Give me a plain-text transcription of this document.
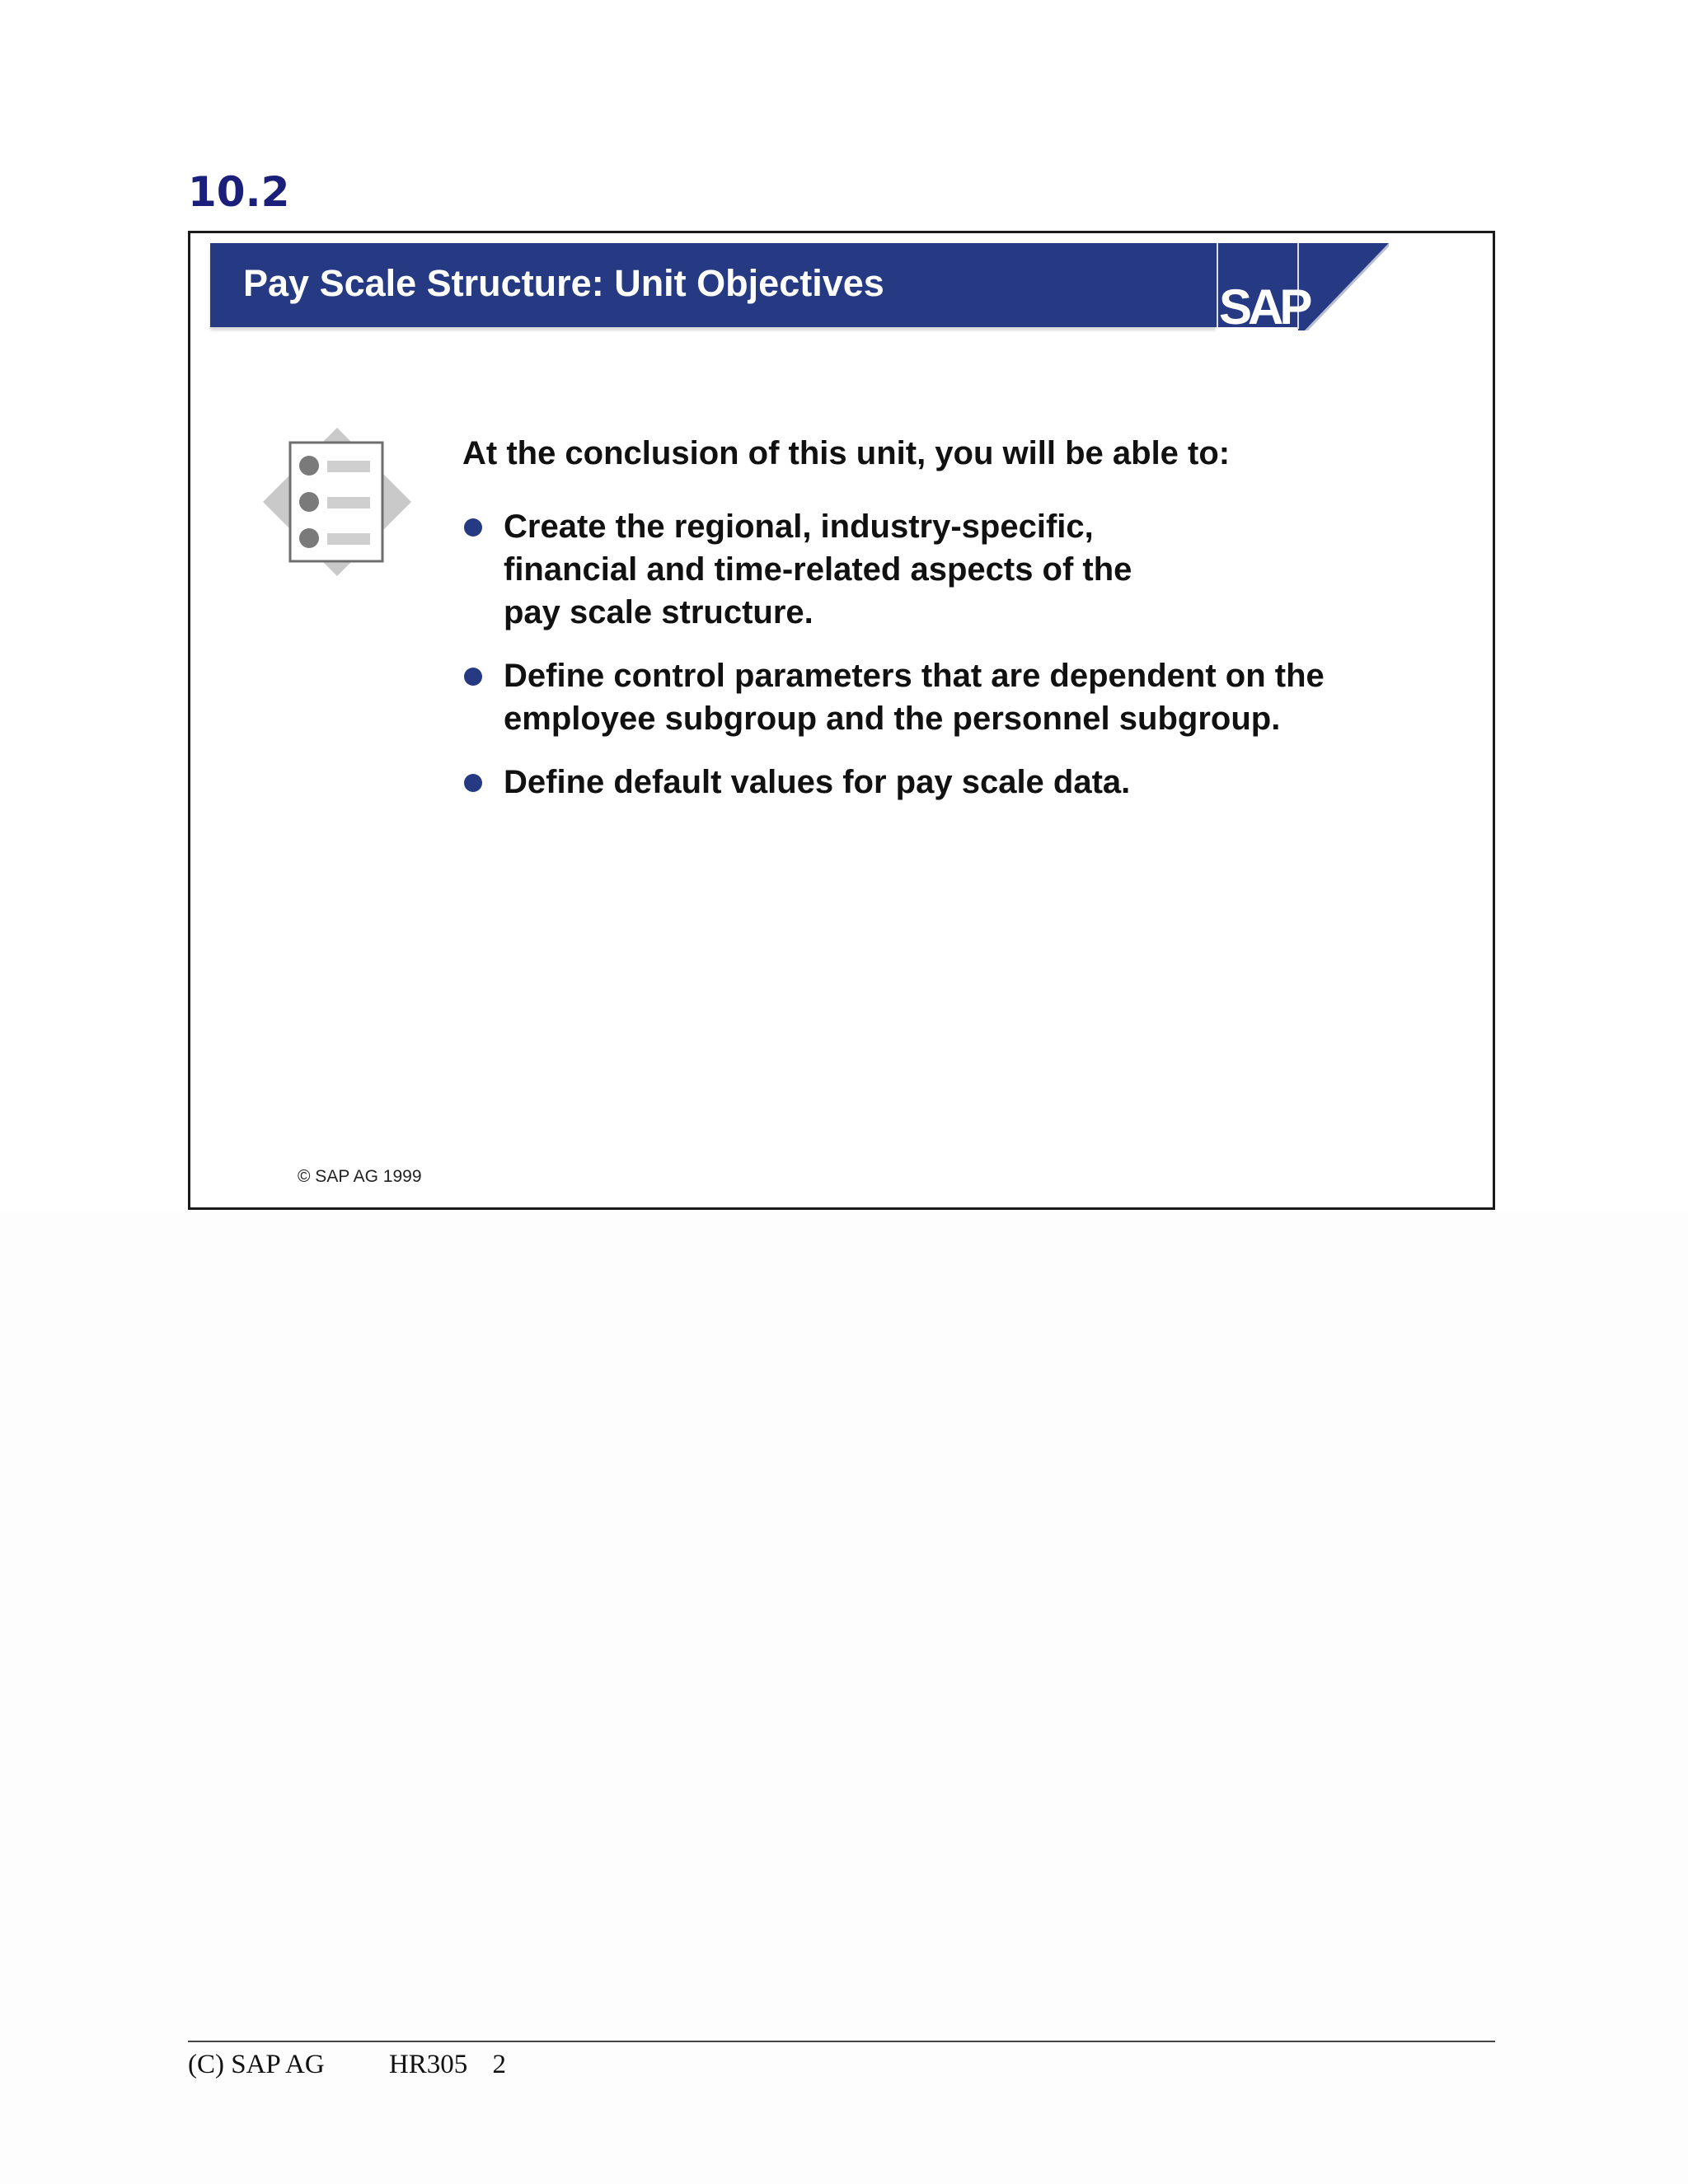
10.2
Pay Scale Structure: Unit Objectives	SAP
At the conclusion of this unit, you will be able to:
Create the regional, industry-specific, financial and time-related aspects of the pay scale structure.
Define control parameters that are dependent on the employee subgroup and the personnel subgroup.
Define default values for pay scale data.
© SAP AG 1999
(C) SAP AG HR305 2
